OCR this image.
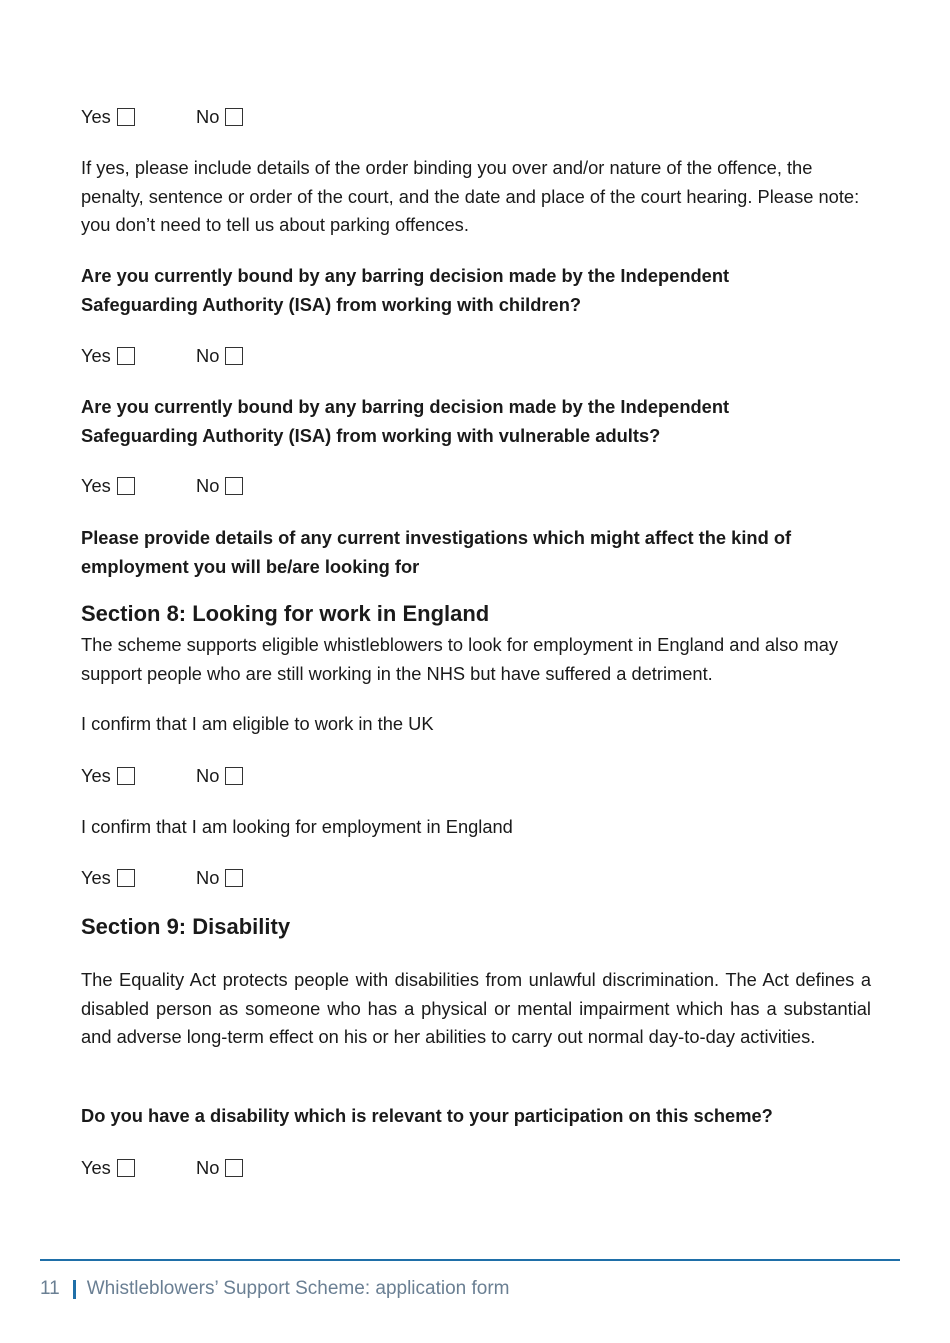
Yes	No

If yes, please include details of the order binding you over and/or nature of the offence, the penalty, sentence or order of the court, and the date and place of the court hearing. Please note: you don’t need to tell us about parking offences.

Are you currently bound by any barring decision made by the Independent Safeguarding Authority (ISA) from working with children?

Yes	No

Are you currently bound by any barring decision made by the Independent Safeguarding Authority (ISA) from working with vulnerable adults?

Yes	No

Please provide details of any current investigations which might affect the kind of employment you will be/are looking for

Section 8: Looking for work in England

The scheme supports eligible whistleblowers to look for employment in England and also may support people who are still working in the NHS but have suffered a detriment.

I confirm that I am eligible to work in the UK

Yes	No

I confirm that I am looking for employment in England

Yes	No
Section 9: Disability

The Equality Act protects people with disabilities from unlawful discrimination. The Act defines a disabled person as someone who has a physical or mental impairment which has a substantial and adverse long-term effect on his or her abilities to carry out normal day-to-day activities.

Do you have a disability which is relevant to your participation on this scheme?

Yes	No
11 Whistleblowers’ Support Scheme: application form
